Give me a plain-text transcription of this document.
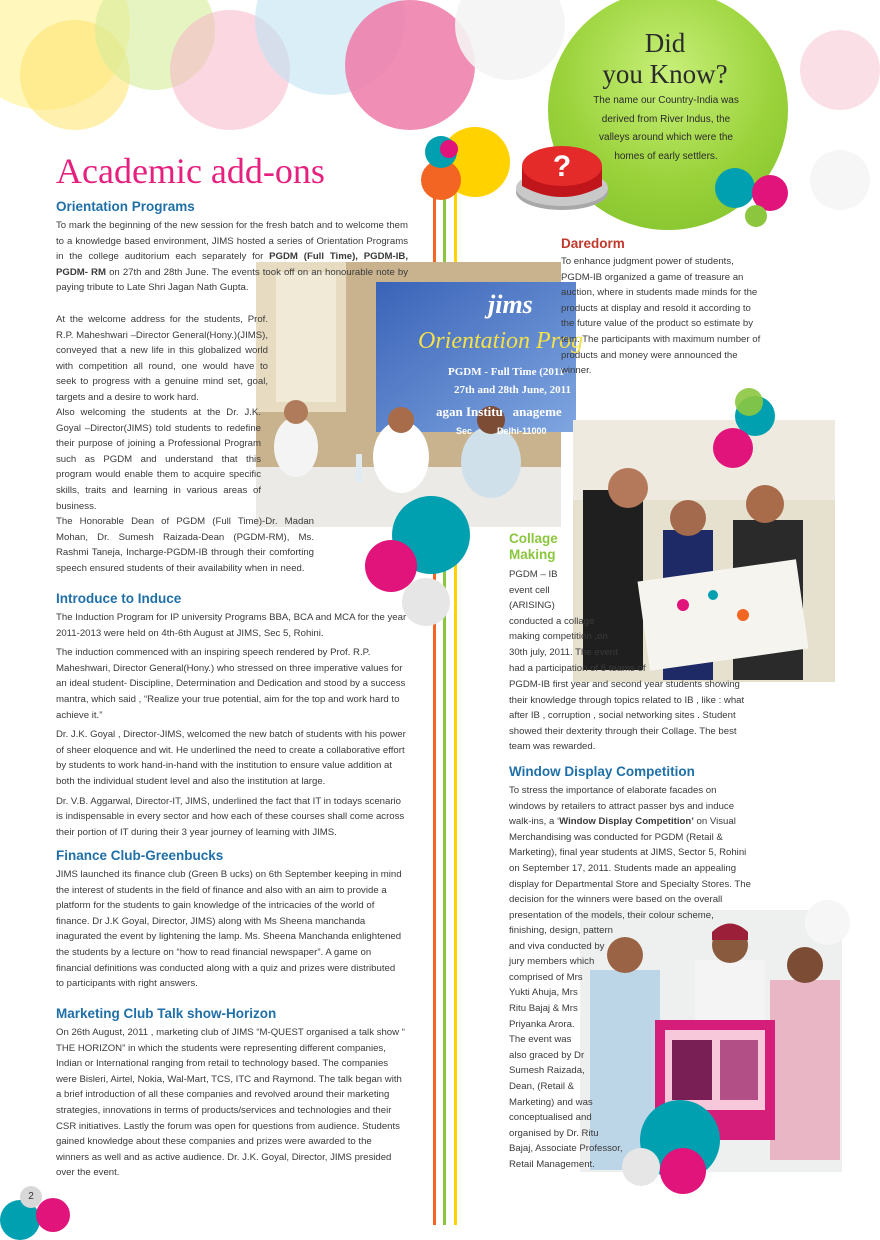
?
Did
you Know?
The name our Country-India was derived from River Indus, the valleys around which were the homes of early settlers.
Academic add-ons
jims
Orientation Prog
PGDM - Full Time (2011-
27th and 28th June, 2011
agan Institu   anageme
Sec          Delhi-11000
Orientation Programs
To mark the beginning of the new session for the fresh batch and to welcome them to a knowledge based environment, JIMS hosted a series of Orientation Programs in the college auditorium each separately for PGDM (Full Time), PGDM-IB, PGDM- RM on 27th and 28th June. The events took off on an honourable note by paying tribute to Late Shri Jagan Nath Gupta.
At the welcome address for the students, Prof. R.P. Maheshwari –Director General(Hony.)(JIMS), conveyed that a new life in this globalized world with competition all round, one would have to seek to progress with a genuine mind set, goal, targets and a desire to work hard.
Also welcoming the students at the Dr. J.K. Goyal –Director(JIMS) told students to redefine their purpose of joining a Professional Program such as PGDM and understand that this program would enable them to acquire specific skills, traits and learning in various areas of business.
The Honorable Dean of PGDM (Full Time)-Dr. Madan Mohan, Dr. Sumesh Raizada-Dean (PGDM-RM), Ms. Rashmi Taneja, Incharge-PGDM-IB through their comforting speech ensured students of their availability when in need.
Introduce to Induce

The Induction Program for IP university Programs BBA, BCA and MCA for the year 2011-2013 were held on 4th-6th August at JIMS, Sec 5, Rohini.

The induction commenced with an inspiring speech rendered by Prof. R.P. Maheshwari, Director General(Hony.) who stressed on three imperative values for an ideal student- Discipline, Determination and Dedication and stood by a success mantra, which said , “Realize your true potential, aim for the top and work hard to achieve it.”

Dr. J.K. Goyal , Director-JIMS, welcomed the new batch of students with his power of sheer eloquence and wit. He underlined the need to create a collaborative effort by students to work hand-in-hand with the institution to ensure value addition at both the individual student level and also the institution at large.

Dr. V.B. Aggarwal, Director-IT, JIMS, underlined the fact that IT in todays scenario is indispensable in every sector and how each of these courses shall come across their portion of IT during their 3 year journey of learning with JIMS.

Finance Club-Greenbucks
JIMS launched its finance club (Green B ucks) on 6th September keeping in mind the interest of students in the field of finance and also with an aim to provide a platform for the students to gain knowledge of the intricacies of the world of finance. Dr J.K Goyal, Director, JIMS) along with Ms Sheena manchanda inagurated the event by lightening the lamp. Ms. Sheena Manchanda enlightened the students by a lecture on “how to read financial newspaper”. A game on financial definitions was conducted along with a quiz and prizes were distributed to participants with right answers.
Marketing Club Talk show-Horizon
On 26th August, 2011 , marketing club of JIMS “M-QUEST organised a talk show “ THE HORIZON” in which the students were representing different companies, Indian or International ranging from retail to technology based. The companies were Bisleri, Airtel, Nokia, Wal-Mart, TCS, ITC and Raymond. The talk began with a brief introduction of all these companies and revolved around their marketing strategies, innovations in terms of products/services and technologies and their CSR initiatives. Lastly the forum was open for questions from audience. Students gained knowledge about these companies and prizes were awarded to the winners as well and as active audience. Dr. J.K. Goyal, Director, JIMS presided over the event.
Daredorm
To enhance judgment power of students, PGDM-IB organized a game of treasure an auction, where in students made minds for the products at display and resold it according to the future value of the product so estimate by tem. The participants with maximum number of products and money were announced the winner.
Collage
Making
PGDM – IB
event cell
(ARISING)
conducted a collage
making competition ,on
30th july, 2011. The event
had a participation of 8 teams of
PGDM-IB first year and second year students showing their knowledge through topics related to IB , like : what after IB , corruption , social networking sites . Student showed their dexterity through their Collage. The best team was rewarded.
Window Display Competition
To stress the importance of elaborate facades on windows by retailers to attract passer bys and induce walk-ins, a ‘Window Display Competition’ on Visual Merchandising was conducted for PGDM (Retail & Marketing), final year students at JIMS, Sector 5, Rohini on September 17, 2011. Students made an appealing display for Departmental Store and Specialty Stores. The decision for the winners were based on the overall presentation of the models, their colour scheme,
finishing, design, pattern
and viva conducted by
jury members which
comprised of Mrs
Yukti Ahuja, Mrs
Ritu Bajaj & Mrs
Priyanka Arora.
The event was
also graced by Dr
Sumesh Raizada,
Dean, (Retail &
Marketing) and was
conceptualised and
organised by Dr. Ritu
Bajaj, Associate Professor,
Retail Management.
2
